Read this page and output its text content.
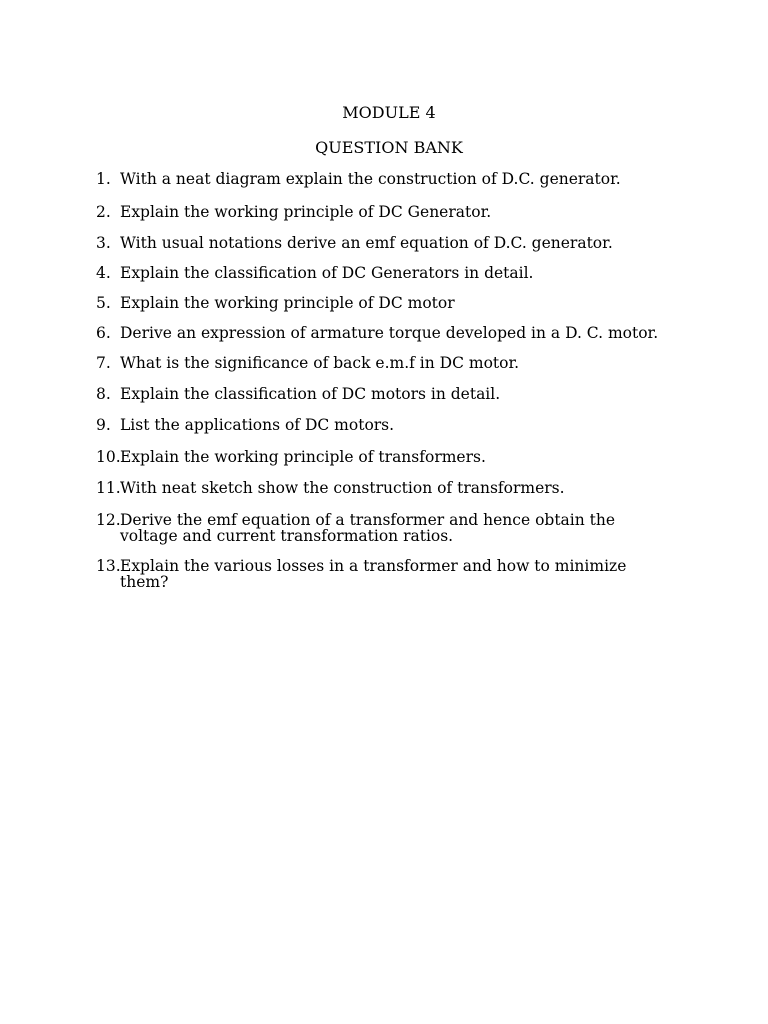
MODULE 4
QUESTION BANK
1. With a neat diagram explain the construction of D.C. generator.
2. Explain the working principle of DC Generator.
3. With usual notations derive an emf equation of D.C. generator.
4. Explain the classification of DC Generators in detail.
5. Explain the working principle of DC motor
6. Derive an expression of armature torque developed in a D. C. motor.
7. What is the significance of back e.m.f in DC motor.
8. Explain the classification of DC motors in detail.
9. List the applications of DC motors.
10. Explain the working principle of transformers.
11. With neat sketch show the construction of transformers.
12. Derive the emf equation of a transformer and hence obtain the voltage and current transformation ratios.
13. Explain the various losses in a transformer and how to minimize them?
